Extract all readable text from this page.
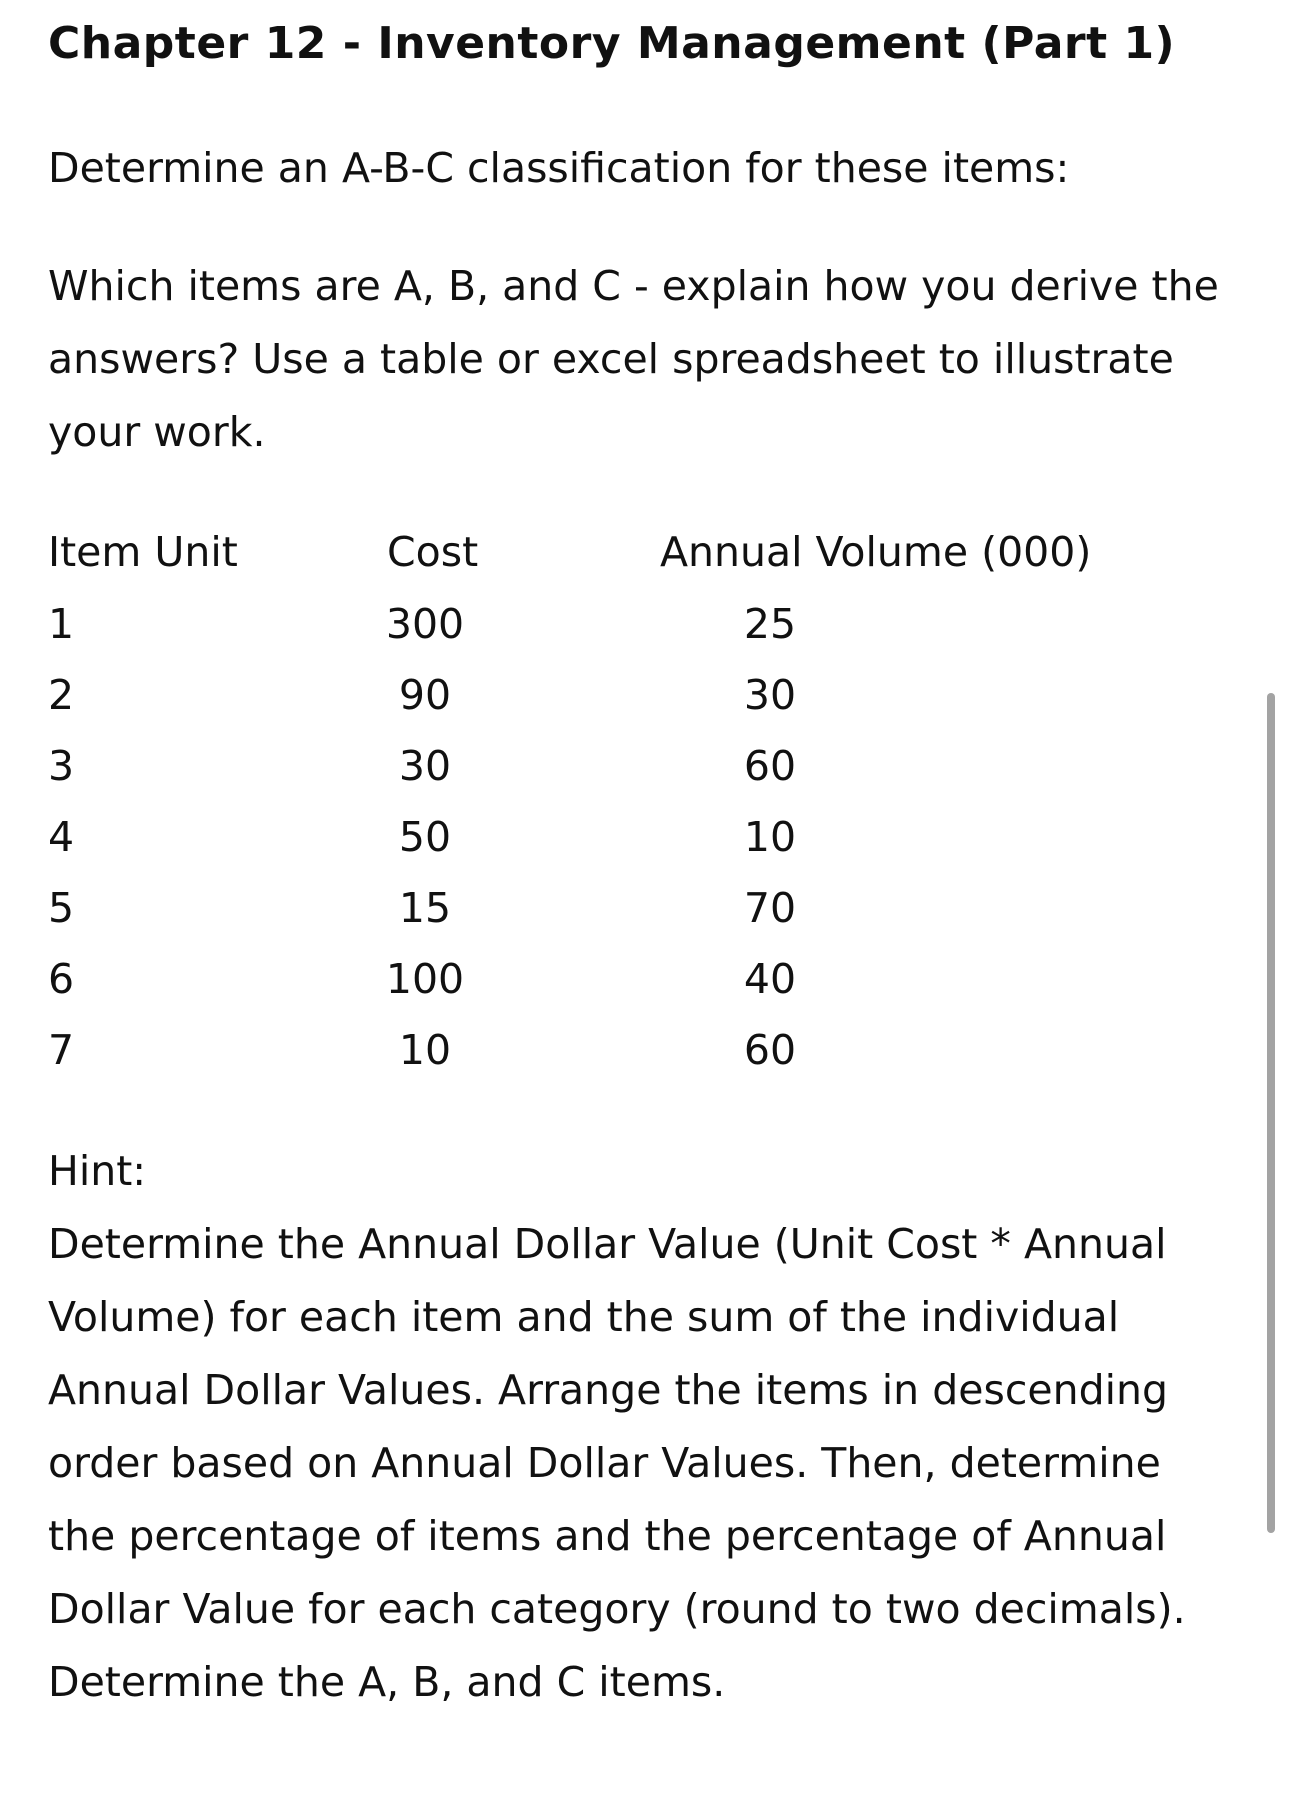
Chapter 12 - Inventory Management (Part 1)
Determine an A-B-C classification for these items:
Which items are A, B, and C - explain how you derive the
answers? Use a table or excel spreadsheet to illustrate
your work.
Item Unit	Cost	Annual Volume (000)
1	300	25
2	90	30
3	30	60
4	50	10
5	15	70
6	100	40
7	10	60
Hint:
Determine the Annual Dollar Value (Unit Cost * Annual
Volume) for each item and the sum of the individual
Annual Dollar Values. Arrange the items in descending
order based on Annual Dollar Values. Then, determine
the percentage of items and the percentage of Annual
Dollar Value for each category (round to two decimals).
Determine the A, B, and C items.
